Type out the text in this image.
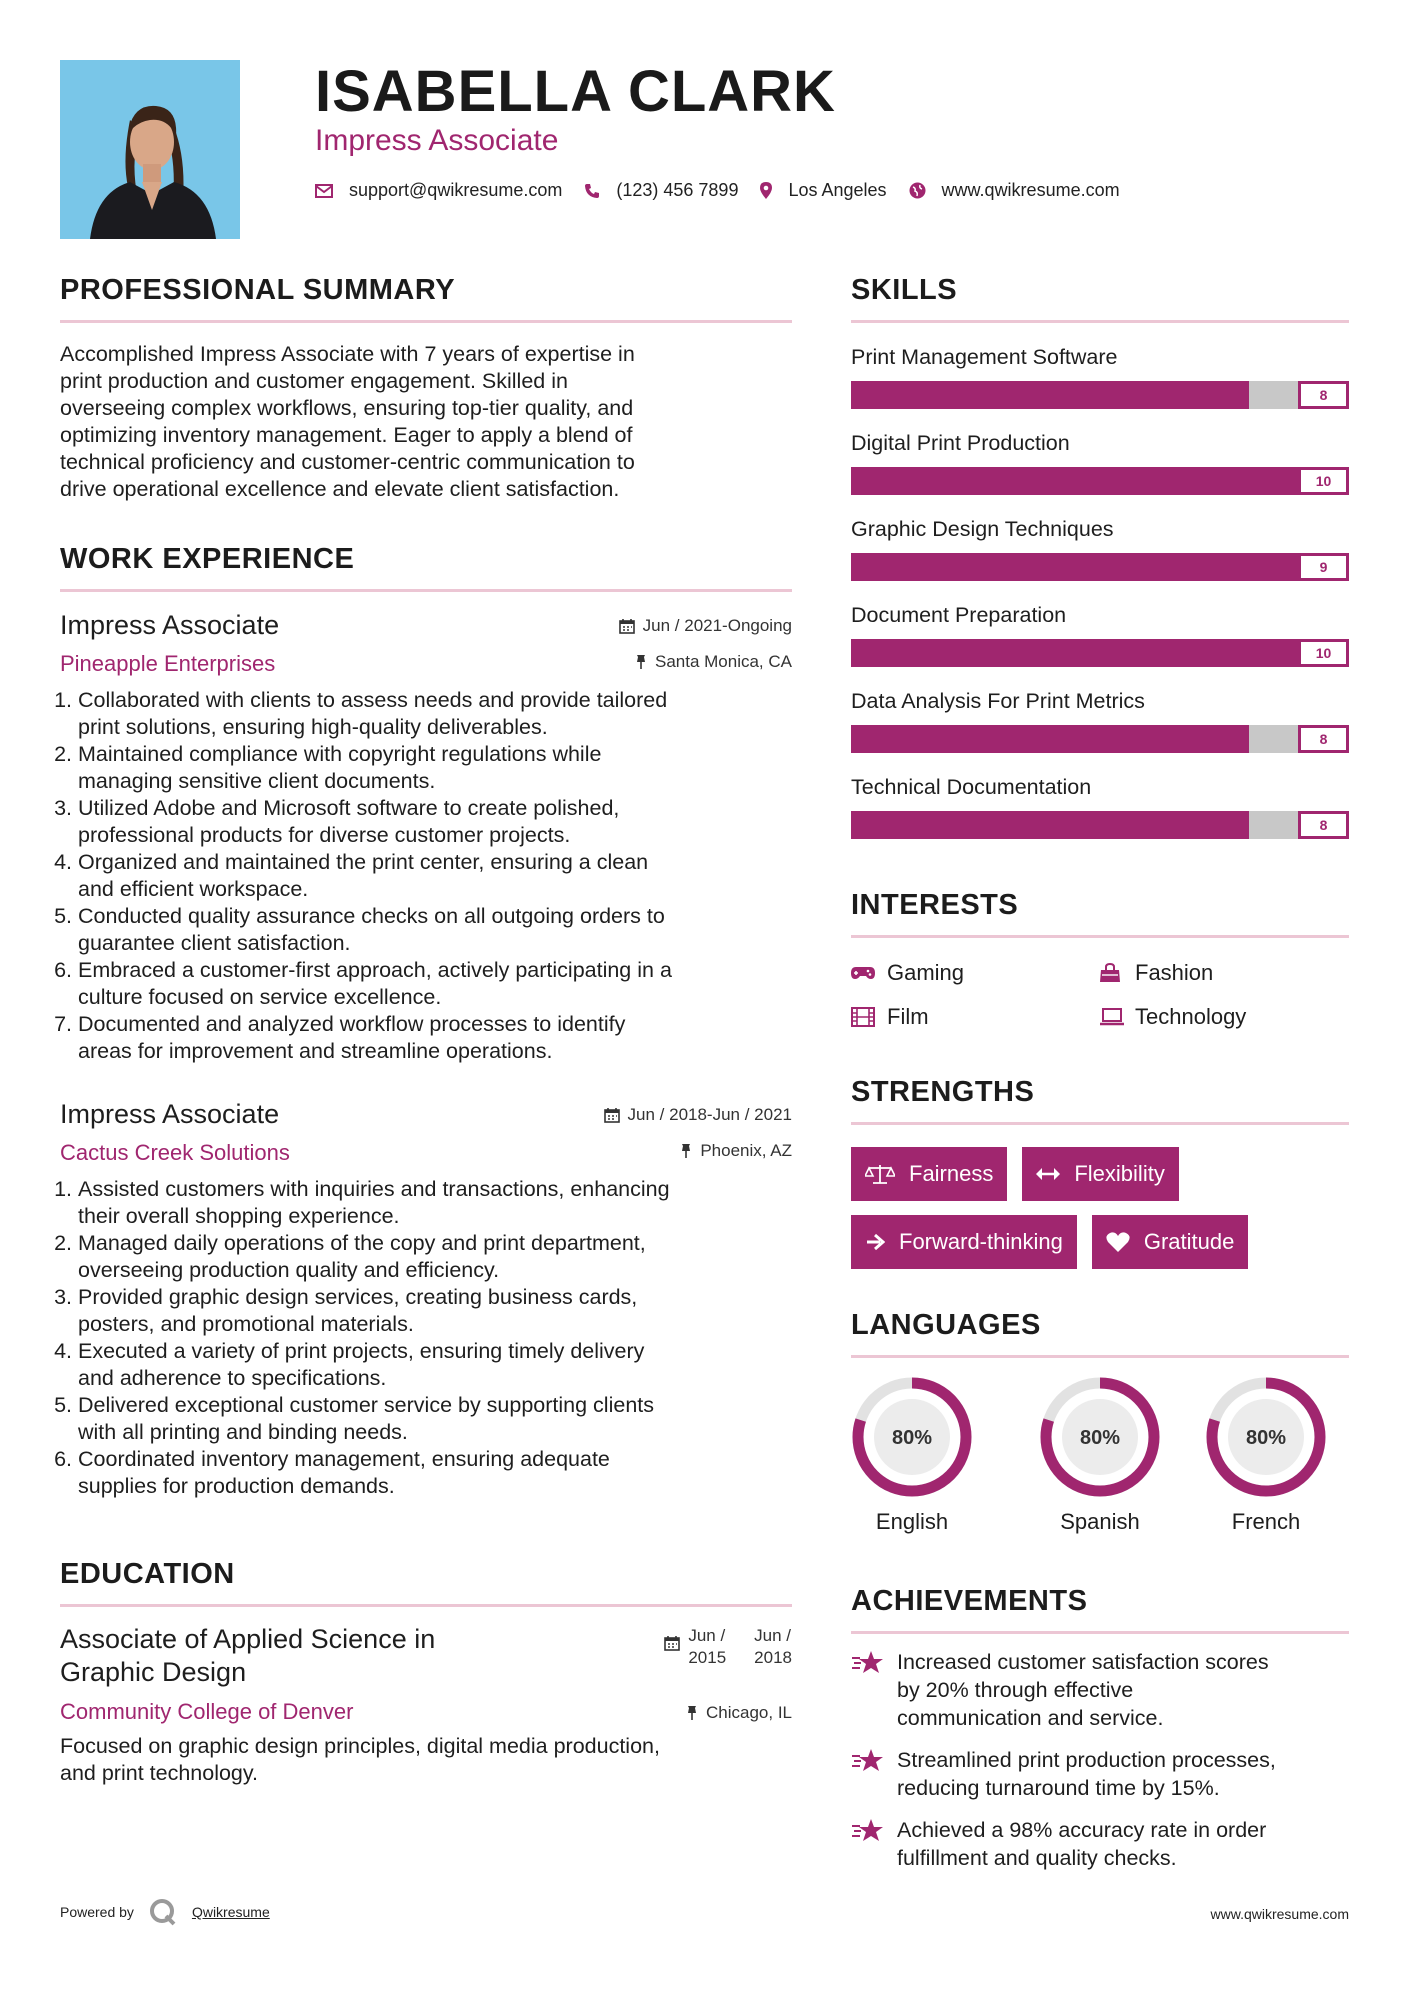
ISABELLA CLARK
Impress Associate
support@qwikresume.com	(123) 456 7899	Los Angeles	www.qwikresume.com
PROFESSIONAL SUMMARY
Accomplished Impress Associate with 7 years of expertise in
print production and customer engagement. Skilled in
overseeing complex workflows, ensuring top-tier quality, and
optimizing inventory management. Eager to apply a blend of
technical proficiency and customer-centric communication to
drive operational excellence and elevate client satisfaction.
WORK EXPERIENCE
Jun / 2021-Ongoing
Santa Monica, CA
Impress Associate
Pineapple Enterprises
1. Collaborated with clients to assess needs and provide tailored
print solutions, ensuring high-quality deliverables.
2. Maintained compliance with copyright regulations while
managing sensitive client documents.
3. Utilized Adobe and Microsoft software to create polished,
professional products for diverse customer projects.
4. Organized and maintained the print center, ensuring a clean
and efficient workspace.
5. Conducted quality assurance checks on all outgoing orders to
guarantee client satisfaction.
6. Embraced a customer-first approach, actively participating in a
culture focused on service excellence.
7. Documented and analyzed workflow processes to identify
areas for improvement and streamline operations.
Jun / 2018-Jun / 2021
Phoenix, AZ
Impress Associate
Cactus Creek Solutions
1. Assisted customers with inquiries and transactions, enhancing
their overall shopping experience.
2. Managed daily operations of the copy and print department,
overseeing production quality and efficiency.
3. Provided graphic design services, creating business cards,
posters, and promotional materials.
4. Executed a variety of print projects, ensuring timely delivery
and adherence to specifications.
5. Delivered exceptional customer service by supporting clients
with all printing and binding needs.
6. Coordinated inventory management, ensuring adequate
supplies for production demands.
EDUCATION
Jun /
2015
Jun /
2018
Chicago, IL
Associate of Applied Science in
Graphic Design
Community College of Denver
Focused on graphic design principles, digital media production,
and print technology.
SKILLS
Print Management Software
8
Digital Print Production
10
Graphic Design Techniques
9
Document Preparation
10
Data Analysis For Print Metrics
8
Technical Documentation
8
INTERESTS
Gaming	Fashion
Film	Technology
STRENGTHS
Fairness	Flexibility
Forward-thinking	Gratitude
LANGUAGES
80%
English
80%
Spanish
80%
French
ACHIEVEMENTS
Increased customer satisfaction scores
by 20% through effective
communication and service.
Streamlined print production processes,
reducing turnaround time by 15%.
Achieved a 98% accuracy rate in order
fulfillment and quality checks.
Powered by	Qwikresume	www.qwikresume.com
